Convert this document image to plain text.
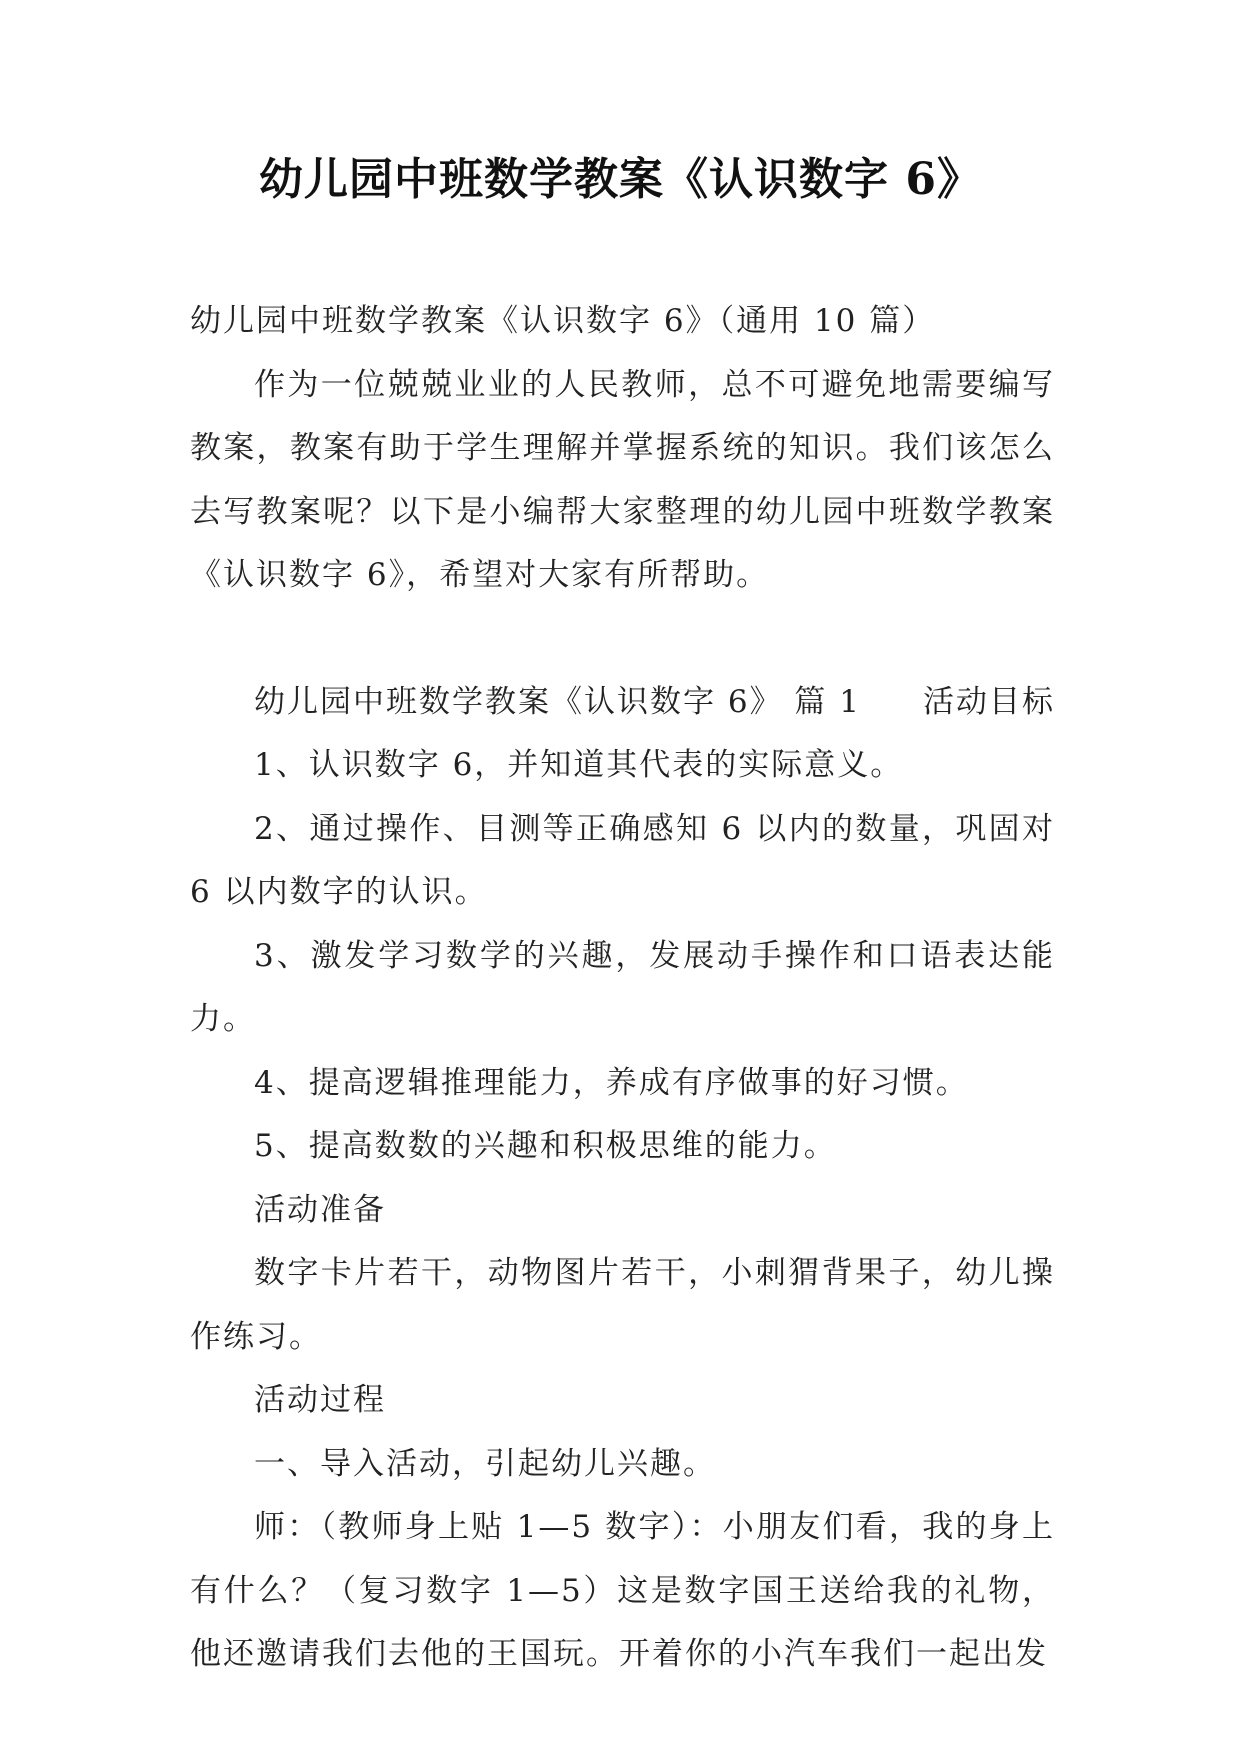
幼儿园中班数学教案《认识数字 6》

幼儿园中班数学教案《认识数字 6》（通用 10 篇）

作为一位兢兢业业的人民教师，总不可避免地需要编写教案，教案有助于学生理解并掌握系统的知识。我们该怎么去写教案呢？以下是小编帮大家整理的幼儿园中班数学教案《认识数字 6》，希望对大家有所帮助。

幼儿园中班数学教案《认识数字 6》 篇 1 活动目标

1、认识数字 6，并知道其代表的实际意义。

2、通过操作、目测等正确感知 6 以内的数量，巩固对 6 以内数字的认识。

3、激发学习数学的兴趣，发展动手操作和口语表达能力。

4、提高逻辑推理能力，养成有序做事的好习惯。

5、提高数数的兴趣和积极思维的能力。

活动准备

数字卡片若干，动物图片若干，小刺猬背果子，幼儿操作练习。

活动过程

一、导入活动，引起幼儿兴趣。

师：（教师身上贴 1—5 数字）：小朋友们看，我的身上有什么？（复习数字 1—5）这是数字国王送给我的礼物，他还邀请我们去他的王国玩。开着你的小汽车我们一起出发
